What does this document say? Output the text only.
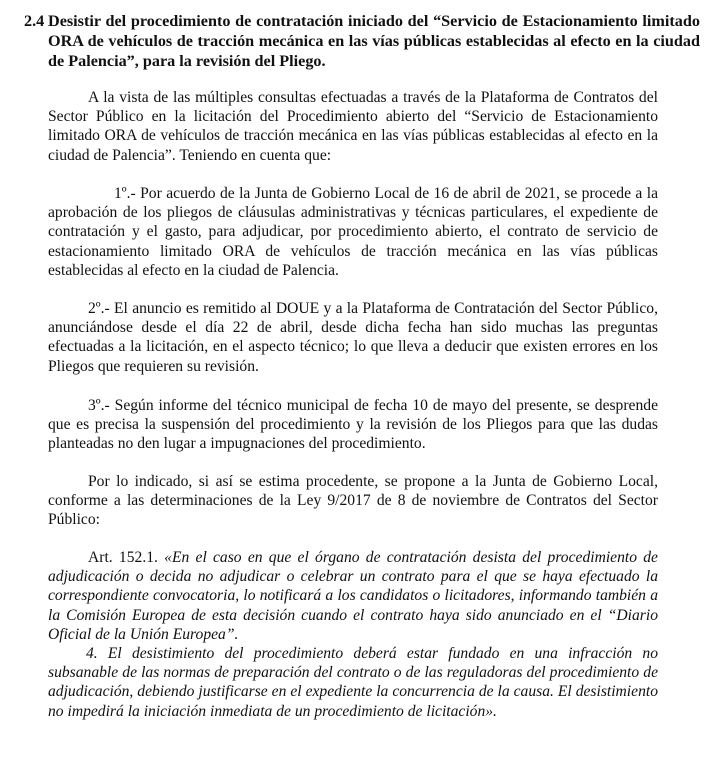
2.4 Desistir del procedimiento de contratación iniciado del “Servicio de Estacionamiento limitado ORA de vehículos de tracción mecánica en las vías públicas establecidas al efecto en la ciudad de Palencia”, para la revisión del Pliego.

A la vista de las múltiples consultas efectuadas a través de la Plataforma de Contratos del Sector Público en la licitación del Procedimiento abierto del “Servicio de Estacionamiento limitado ORA de vehículos de tracción mecánica en las vías públicas establecidas al efecto en la ciudad de Palencia”. Teniendo en cuenta que:

1º.- Por acuerdo de la Junta de Gobierno Local de 16 de abril de 2021, se procede a la aprobación de los pliegos de cláusulas administrativas y técnicas particulares, el expediente de contratación y el gasto, para adjudicar, por procedimiento abierto, el contrato de servicio de estacionamiento limitado ORA de vehículos de tracción mecánica en las vías públicas establecidas al efecto en la ciudad de Palencia.

2º.- El anuncio es remitido al DOUE y a la Plataforma de Contratación del Sector Público, anunciándose desde el día 22 de abril, desde dicha fecha han sido muchas las preguntas efectuadas a la licitación, en el aspecto técnico; lo que lleva a deducir que existen errores en los Pliegos que requieren su revisión.

3º.- Según informe del técnico municipal de fecha 10 de mayo del presente, se desprende que es precisa la suspensión del procedimiento y la revisión de los Pliegos para que las dudas planteadas no den lugar a impugnaciones del procedimiento.

Por lo indicado, si así se estima procedente, se propone a la Junta de Gobierno Local, conforme a las determinaciones de la Ley 9/2017 de 8 de noviembre de Contratos del Sector Público:

Art. 152.1. «En el caso en que el órgano de contratación desista del procedimiento de adjudicación o decida no adjudicar o celebrar un contrato para el que se haya efectuado la correspondiente convocatoria, lo notificará a los candidatos o licitadores, informando también a la Comisión Europea de esta decisión cuando el contrato haya sido anunciado en el “Diario Oficial de la Unión Europea”.

4. El desistimiento del procedimiento deberá estar fundado en una infracción no subsanable de las normas de preparación del contrato o de las reguladoras del procedimiento de adjudicación, debiendo justificarse en el expediente la concurrencia de la causa. El desistimiento no impedirá la iniciación inmediata de un procedimiento de licitación».
